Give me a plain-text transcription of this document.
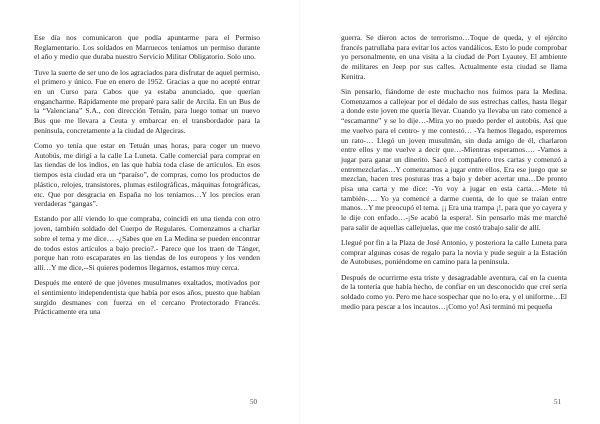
Ese día nos comunicaron que podía apuntarme para el Permiso Reglamentario. Los soldados en Marruecos teníamos un permiso durante el año y medio que duraba nuestro Servicio Militar Obligatorio. Solo uno.

Tuve la suerte de ser uno de los agraciados para disfrutar de aquel permiso, el primero y único. Fue en enero de 1952. Gracias a que no acepté entrar en un Curso para Cabos que ya estaba anunciado, que querían engancharme. Rápidamente me preparé para salir de Arcila. En un Bus de la “Valenciana” S.A., con dirección Tetuán, para luego tomar un nuevo Bus que me llevara a Ceuta y embarcar en el transbordador para la península, concretamente a la ciudad de Algeciras.

Como yo tenía que estar en Tetuán unas horas, para coger un nuevo Autobús, me dirigí a la calle La Luneta. Calle comercial para comprar en las tiendas de los indios, en las que había toda clase de artículos. En esos tiempos esta ciudad era un “paraíso”, de compras, como los productos de plástico, relojes, transistores, plumas estilográficas, máquinas fotográficas, etc. Que por desgracia en España no los teníamos…Y los precios eran verdaderas “gangas”.

Estando por allí viendo lo que compraba, coincidí en una tienda con otro joven, también soldado del Cuerpo de Regulares. Comenzamos a charlar sobre el tema y me dice… -¿Sabes que en La Medina se pueden encontrar de todos estos artículos a bajo precio?.- Parece que los traen de Tánger, porque han roto escaparates en las tiendas de los europeos y los venden allí…Y me dice,--Si quieres podemos llegarnos, estamos muy cerca.

Después me enteré de que jóvenes musulmanes exaltados, motivados por el sentimiento independentista que había por esos años, puesto que habían surgido desmanes con fuerza en el cercano Protectorado Francés. Prácticamente era una

50

guerra. Se dieron actos de terrorismo…Toque de queda, y el ejército francés patrullaba para evitar los actos vandálicos. Esto lo pude comprobar yo personalmente, en una visita a la ciudad de Port Lyautey. El ambiente de militares en Jeep por sus calles. Actualmente esta ciudad se llama Kenitra.

Sin pensarlo, fiándome de este muchacho nos fuimos para la Medina. Comenzamos a callejear por el dédalo de sus estrechas calles, hasta llegar a donde este joven me quería llevar. Cuando ya llevaba un rato comencé a “escamarme” y se lo dije…-Mira yo no puedo perder el autobús. Así que me vuelvo para el centro- y me contestó… -Ya hemos llegado, esperemos un rato-… Llegó un joven musulmán, sin duda amigo de él, charlaron entre ellos y me vuelve a decir que…-Mientras esperamos…. -Vamos a jugar para ganar un dinerito. Sacó el compañero tres cartas y comenzó a entremezclarlas…Y comenzamos a jugar entre ellos. Era ese juego que se mezclan, hacen tres posturas tras a bajo y deber acertar una…De pronto pisa una carta y me dice: -Yo voy a jugar en esta carta…-Mete tú también-…. Yo ya comencé a darme cuenta, de lo que se traían entre manos…Y me preocupó el tema. ¡¡ Era una trampa ¡!, para que yo cayera y le dije con enfado…-¡Se acabó la espera!. Sin pensarlo más me marché para salir de aquellas callejuelas, que me costó trabajo salir de allí.

Llegué por fin a la Plaza de José Antonio, y posteriora la calle Luneta para comprar algunas cosas de regalo para la novia y pude seguir a la Estación de Autobuses, poniéndome en camino para la península.

Después de ocurrirme esta triste y desagradable aventura, caí en la cuenta de la tontería que había hecho, de confiar en un desconocido que creí sería soldado como yo. Pero me hace sospechar que no lo era, y el uniforme…El medio para pescar a los incautos…¡Como yo! Así terminó mi pequeña

51
